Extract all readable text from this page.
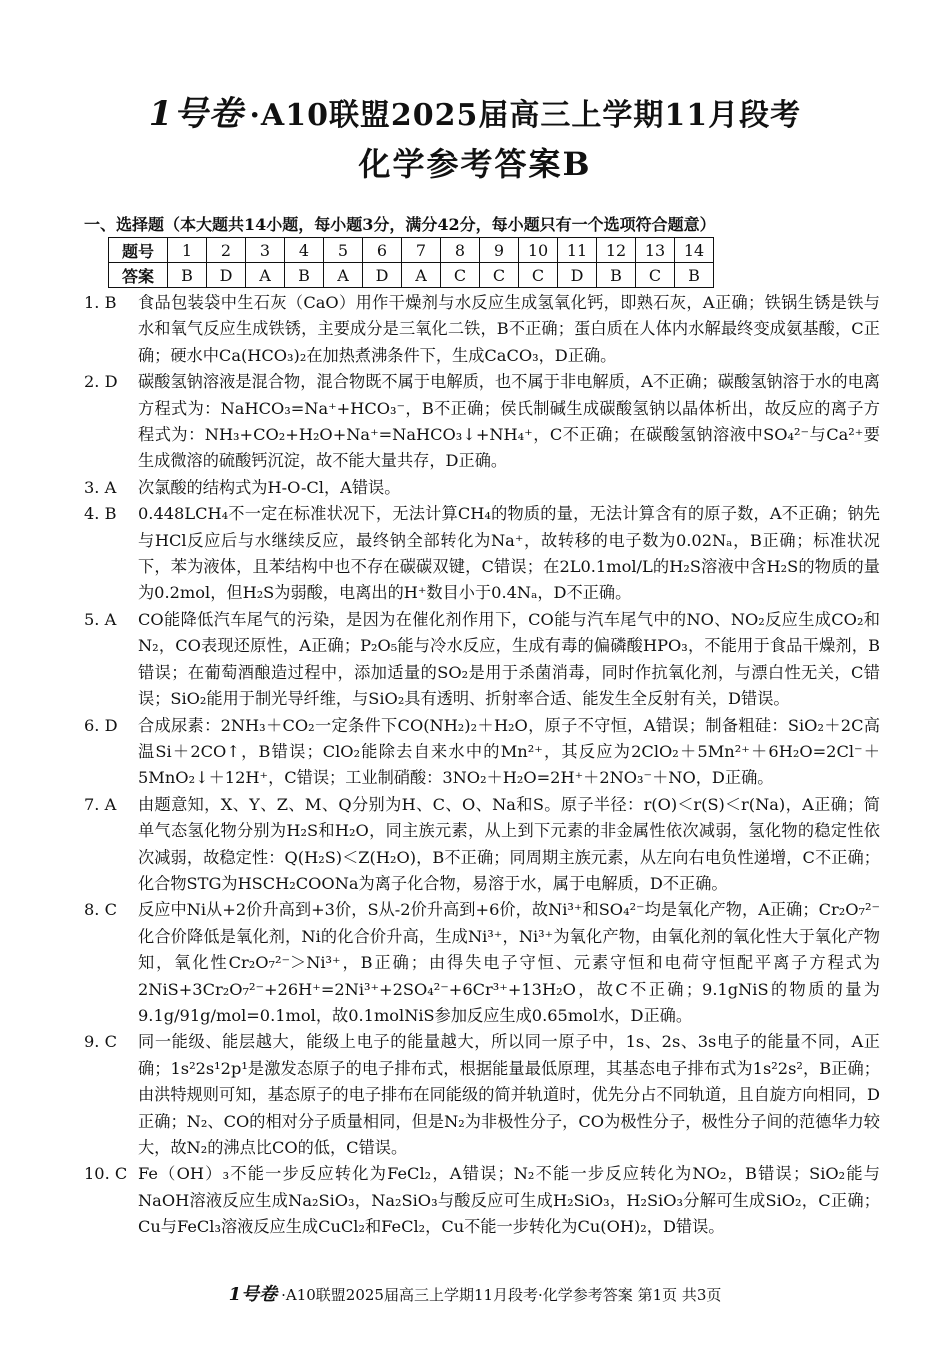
1号卷 ·A10联盟2025届高三上学期11月段考
化学参考答案B
一、选择题（本大题共14小题，每小题3分，满分42分，每小题只有一个选项符合题意）
题号	1	2	3	4	5	6	7	8	9	10	11	12	13	14
答案	B	D	A	B	A	D	A	C	C	C	D	B	C	B
1. B	食品包装袋中生石灰（CaO）用作干燥剂与水反应生成氢氧化钙，即熟石灰，A正确；铁锅生锈是铁与水和氧气反应生成铁锈，主要成分是三氧化二铁，B不正确；蛋白质在人体内水解最终变成氨基酸，C正确；硬水中Ca(HCO₃)₂在加热煮沸条件下，生成CaCO₃，D正确。
2. D	碳酸氢钠溶液是混合物，混合物既不属于电解质，也不属于非电解质，A不正确；碳酸氢钠溶于水的电离方程式为：NaHCO₃=Na⁺+HCO₃⁻，B不正确；侯氏制碱生成碳酸氢钠以晶体析出，故反应的离子方程式为：NH₃+CO₂+H₂O+Na⁺=NaHCO₃↓+NH₄⁺，C不正确；在碳酸氢钠溶液中SO₄²⁻与Ca²⁺要生成微溶的硫酸钙沉淀，故不能大量共存，D正确。
3. A	次氯酸的结构式为H-O-Cl，A错误。
4. B	0.448LCH₄不一定在标准状况下，无法计算CH₄的物质的量，无法计算含有的原子数，A不正确；钠先与HCl反应后与水继续反应，最终钠全部转化为Na⁺，故转移的电子数为0.02Nₐ，B正确；标准状况下，苯为液体，且苯结构中也不存在碳碳双键，C错误；在2L0.1mol/L的H₂S溶液中含H₂S的物质的量为0.2mol，但H₂S为弱酸，电离出的H⁺数目小于0.4Nₐ，D不正确。
5. A	CO能降低汽车尾气的污染，是因为在催化剂作用下，CO能与汽车尾气中的NO、NO₂反应生成CO₂和N₂，CO表现还原性，A正确；P₂O₅能与冷水反应，生成有毒的偏磷酸HPO₃，不能用于食品干燥剂，B错误；在葡萄酒酿造过程中，添加适量的SO₂是用于杀菌消毒，同时作抗氧化剂，与漂白性无关，C错误；SiO₂能用于制光导纤维，与SiO₂具有透明、折射率合适、能发生全反射有关，D错误。
6. D	合成尿素：2NH₃＋CO₂一定条件下CO(NH₂)₂＋H₂O，原子不守恒，A错误；制备粗硅：SiO₂＋2C高温Si＋2CO↑，B错误；ClO₂能除去自来水中的Mn²⁺，其反应为2ClO₂＋5Mn²⁺＋6H₂O=2Cl⁻＋5MnO₂↓＋12H⁺，C错误；工业制硝酸：3NO₂＋H₂O=2H⁺＋2NO₃⁻＋NO，D正确。
7. A	由题意知，X、Y、Z、M、Q分别为H、C、O、Na和S。原子半径：r(O)＜r(S)＜r(Na)，A正确；简单气态氢化物分别为H₂S和H₂O，同主族元素，从上到下元素的非金属性依次减弱，氢化物的稳定性依次减弱，故稳定性：Q(H₂S)＜Z(H₂O)，B不正确；同周期主族元素，从左向右电负性递增，C不正确；化合物STG为HSCH₂COONa为离子化合物，易溶于水，属于电解质，D不正确。
8. C	反应中Ni从+2价升高到+3价，S从-2价升高到+6价，故Ni³⁺和SO₄²⁻均是氧化产物，A正确；Cr₂O₇²⁻化合价降低是氧化剂，Ni的化合价升高，生成Ni³⁺，Ni³⁺为氧化产物，由氧化剂的氧化性大于氧化产物知，氧化性Cr₂O₇²⁻＞Ni³⁺，B正确；由得失电子守恒、元素守恒和电荷守恒配平离子方程式为2NiS+3Cr₂O₇²⁻+26H⁺=2Ni³⁺+2SO₄²⁻+6Cr³⁺+13H₂O，故C不正确；9.1gNiS的物质的量为9.1g/91g/mol=0.1mol，故0.1molNiS参加反应生成0.65mol水，D正确。
9. C	同一能级、能层越大，能级上电子的能量越大，所以同一原子中，1s、2s、3s电子的能量不同，A正确；1s²2s¹2p¹是激发态原子的电子排布式，根据能量最低原理，其基态电子排布式为1s²2s²，B正确；由洪特规则可知，基态原子的电子排布在同能级的简并轨道时，优先分占不同轨道，且自旋方向相同，D正确；N₂、CO的相对分子质量相同，但是N₂为非极性分子，CO为极性分子，极性分子间的范德华力较大，故N₂的沸点比CO的低，C错误。
10. C Fe（OH）₃不能一步反应转化为FeCl₂，A错误；N₂不能一步反应转化为NO₂，B错误；SiO₂能与NaOH溶液反应生成Na₂SiO₃，Na₂SiO₃与酸反应可生成H₂SiO₃，H₂SiO₃分解可生成SiO₂，C正确；Cu与FeCl₃溶液反应生成CuCl₂和FeCl₂，Cu不能一步转化为Cu(OH)₂，D错误。
1号卷 ·A10联盟2025届高三上学期11月段考·化学参考答案 第1页 共3页
